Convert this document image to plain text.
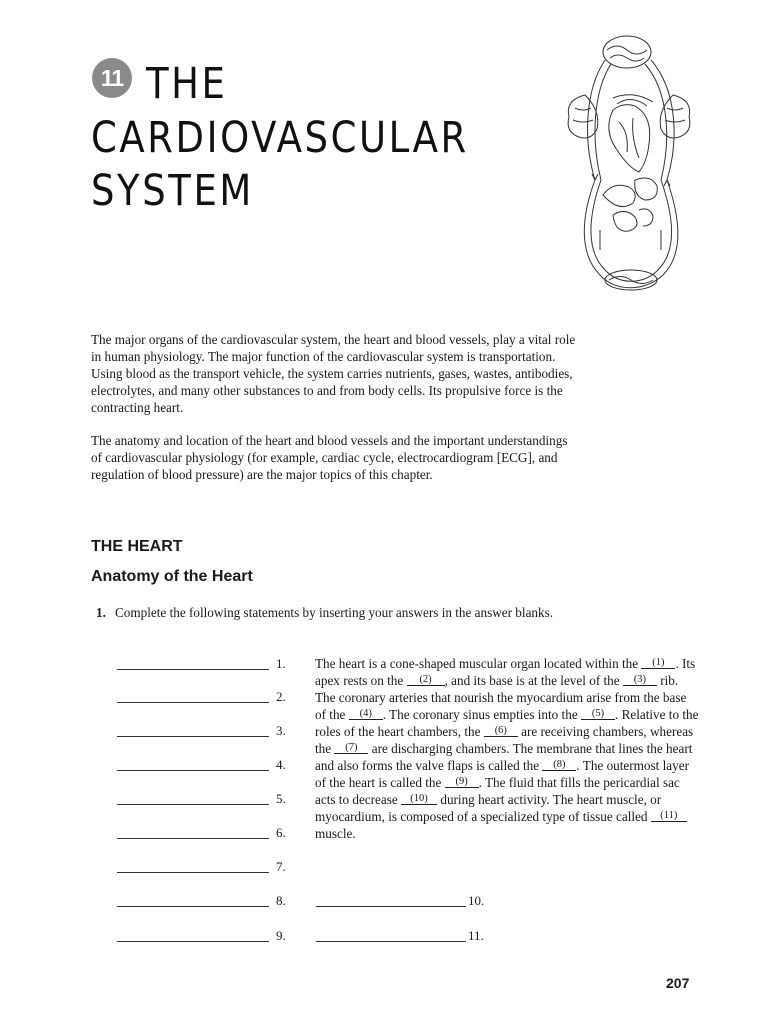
11 THE
CARDIOVASCULAR
SYSTEM

The major organs of the cardiovascular system, the heart and blood vessels, play a vital role in human physiology. The major function of the cardiovascular system is transportation. Using blood as the transport vehicle, the system carries nutrients, gases, wastes, antibodies, electrolytes, and many other substances to and from body cells. Its propulsive force is the contracting heart.

The anatomy and location of the heart and blood vessels and the important understandings of cardiovascular physiology (for example, cardiac cycle, electrocardiogram [ECG], and regulation of blood pressure) are the major topics of this chapter.

THE HEART
Anatomy of the Heart
1. Complete the following statements by inserting your answers in the answer blanks.
1.
2.
3.
4.
5.
6.
7.
8.
9.
10.
11.
The heart is a cone-shaped muscular organ located within the (1) . Its apex rests on the (2) , and its base is at the level of the (3) rib. The coronary arteries that nourish the myocardium arise from the base of the (4) . The coronary sinus empties into the (5) . Relative to the roles of the heart chambers, the (6) are receiving chambers, whereas the (7) are discharging chambers. The membrane that lines the heart and also forms the valve flaps is called the (8) . The outermost layer of the heart is called the (9) . The fluid that fills the pericardial sac acts to decrease (10) during heart activity. The heart muscle, or myocardium, is composed of a specialized type of tissue called (11) muscle.
207
